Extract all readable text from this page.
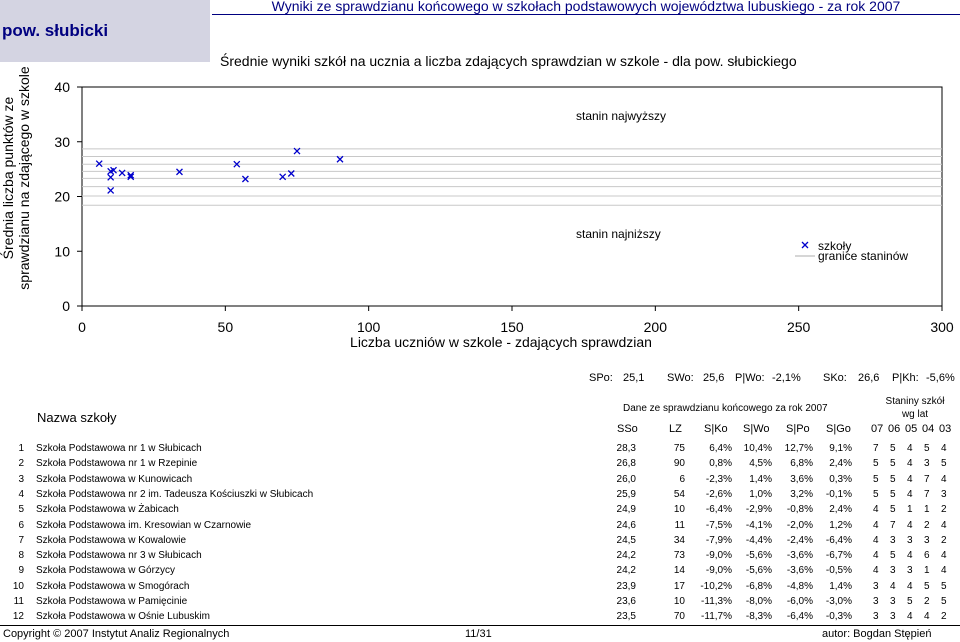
pow. słubicki
Wyniki ze sprawdzianu końcowego w szkołach podstawowych województwa lubuskiego - za rok 2007
Średnie wyniki szkół na ucznia a liczba zdających sprawdzian w szkole - dla pow. słubickiego
Średnia liczba punktów ze sprawdzianu na zdającego w szkole
0
10
20
30
40
0	50	100	150	200	250	300
Liczba uczniów w szkole - zdających sprawdzian
stanin najwyższy
stanin najniższy
szkoły
granice staninów
SPo: 25,1 SWo: 25,6 P|Wo: -2,1% SKo: 26,6 P|Kh: -5,6%
Nazwa szkoły
Dane ze sprawdzianu końcowego za rok 2007
Staniny szkół wg lat
SSo	LZ S|Ko S|Wo S|Po S|Go 07 06 05 04 03
1 Szkoła Podstawowa nr 1 w Słubicach	28,3	75	6,4%	10,4%	12,7%	9,1% 7 5 4 5 4
2 Szkoła Podstawowa nr 1 w Rzepinie	26,8	90	0,8%	4,5%	6,8%	2,4% 5 5 4 3 5
3 Szkoła Podstawowa w Kunowicach	26,0	6	-2,3%	1,4%	3,6%	0,3% 5 5 4 7 4
4 Szkoła Podstawowa nr 2 im. Tadeusza Kościuszki w Słubicach	25,9	54	-2,6%	1,0%	3,2%	-0,1% 5 5 4 7 3
5 Szkoła Podstawowa w Żabicach	24,9	10	-6,4%	-2,9%	-0,8%	2,4% 4 5 1 1 2
6 Szkoła Podstawowa im. Kresowian w Czarnowie	24,6	11	-7,5%	-4,1%	-2,0%	1,2% 4 7 4 2 4
7 Szkoła Podstawowa w Kowalowie	24,5	34	-7,9%	-4,4%	-2,4%	-6,4% 4 3 3 3 2
8 Szkoła Podstawowa nr 3 w Słubicach	24,2	73	-9,0%	-5,6%	-3,6%	-6,7% 4 5 4 6 4
9 Szkoła Podstawowa w Górzycy	24,2	14	-9,0%	-5,6%	-3,6%	-0,5% 4 3 3 1 4
10 Szkoła Podstawowa w Smogórach	23,9	17 -10,2%	-6,8%	-4,8%	1,4% 3 4 4 5 5
11 Szkoła Podstawowa w Pamięcinie	23,6	10 -11,3%	-8,0%	-6,0%	-3,0% 3 3 5 2 5
12 Szkoła Podstawowa w Ośnie Lubuskim	23,5	70 -11,7%	-8,3%	-6,4%	-0,3% 3 3 4 4 2
Copyright © 2007 Instytut Analiz Regionalnych	11/31	autor: Bogdan Stępień
